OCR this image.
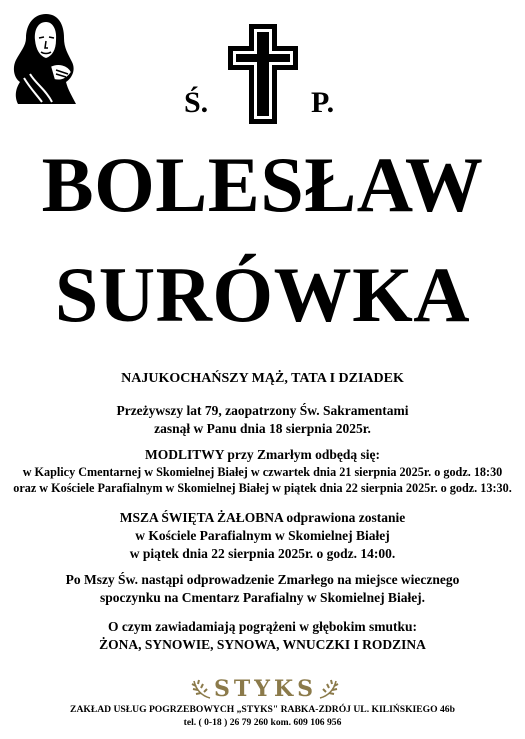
Ś.	P.
BOLESŁAW
SURÓWKA
NAJUKOCHAŃSZY MĄŻ, TATA I DZIADEK
Przeżywszy lat 79, zaopatrzony Św. Sakramentami
zasnął w Panu dnia 18 sierpnia 2025r.
MODLITWY przy Zmarłym odbędą się:
w Kaplicy Cmentarnej w Skomielnej Białej w czwartek dnia 21 sierpnia 2025r. o godz. 18:30
oraz w Kościele Parafialnym w Skomielnej Białej w piątek dnia 22 sierpnia 2025r. o godz. 13:30.
MSZA ŚWIĘTA ŻAŁOBNA odprawiona zostanie
w Kościele Parafialnym w Skomielnej Białej
w piątek dnia 22 sierpnia 2025r. o godz. 14:00.
Po Mszy Św. nastąpi odprowadzenie Zmarłego na miejsce wiecznego
spoczynku na Cmentarz Parafialny w Skomielnej Białej.
O czym zawiadamiają pogrążeni w głębokim smutku:
ŻONA, SYNOWIE, SYNOWA, WNUCZKI I RODZINA
STYKS
ZAKŁAD USŁUG POGRZEBOWYCH „STYKS" RABKA-ZDRÓJ UL. KILIŃSKIEGO 46b
tel. ( 0-18 ) 26 79 260 kom. 609 106 956
